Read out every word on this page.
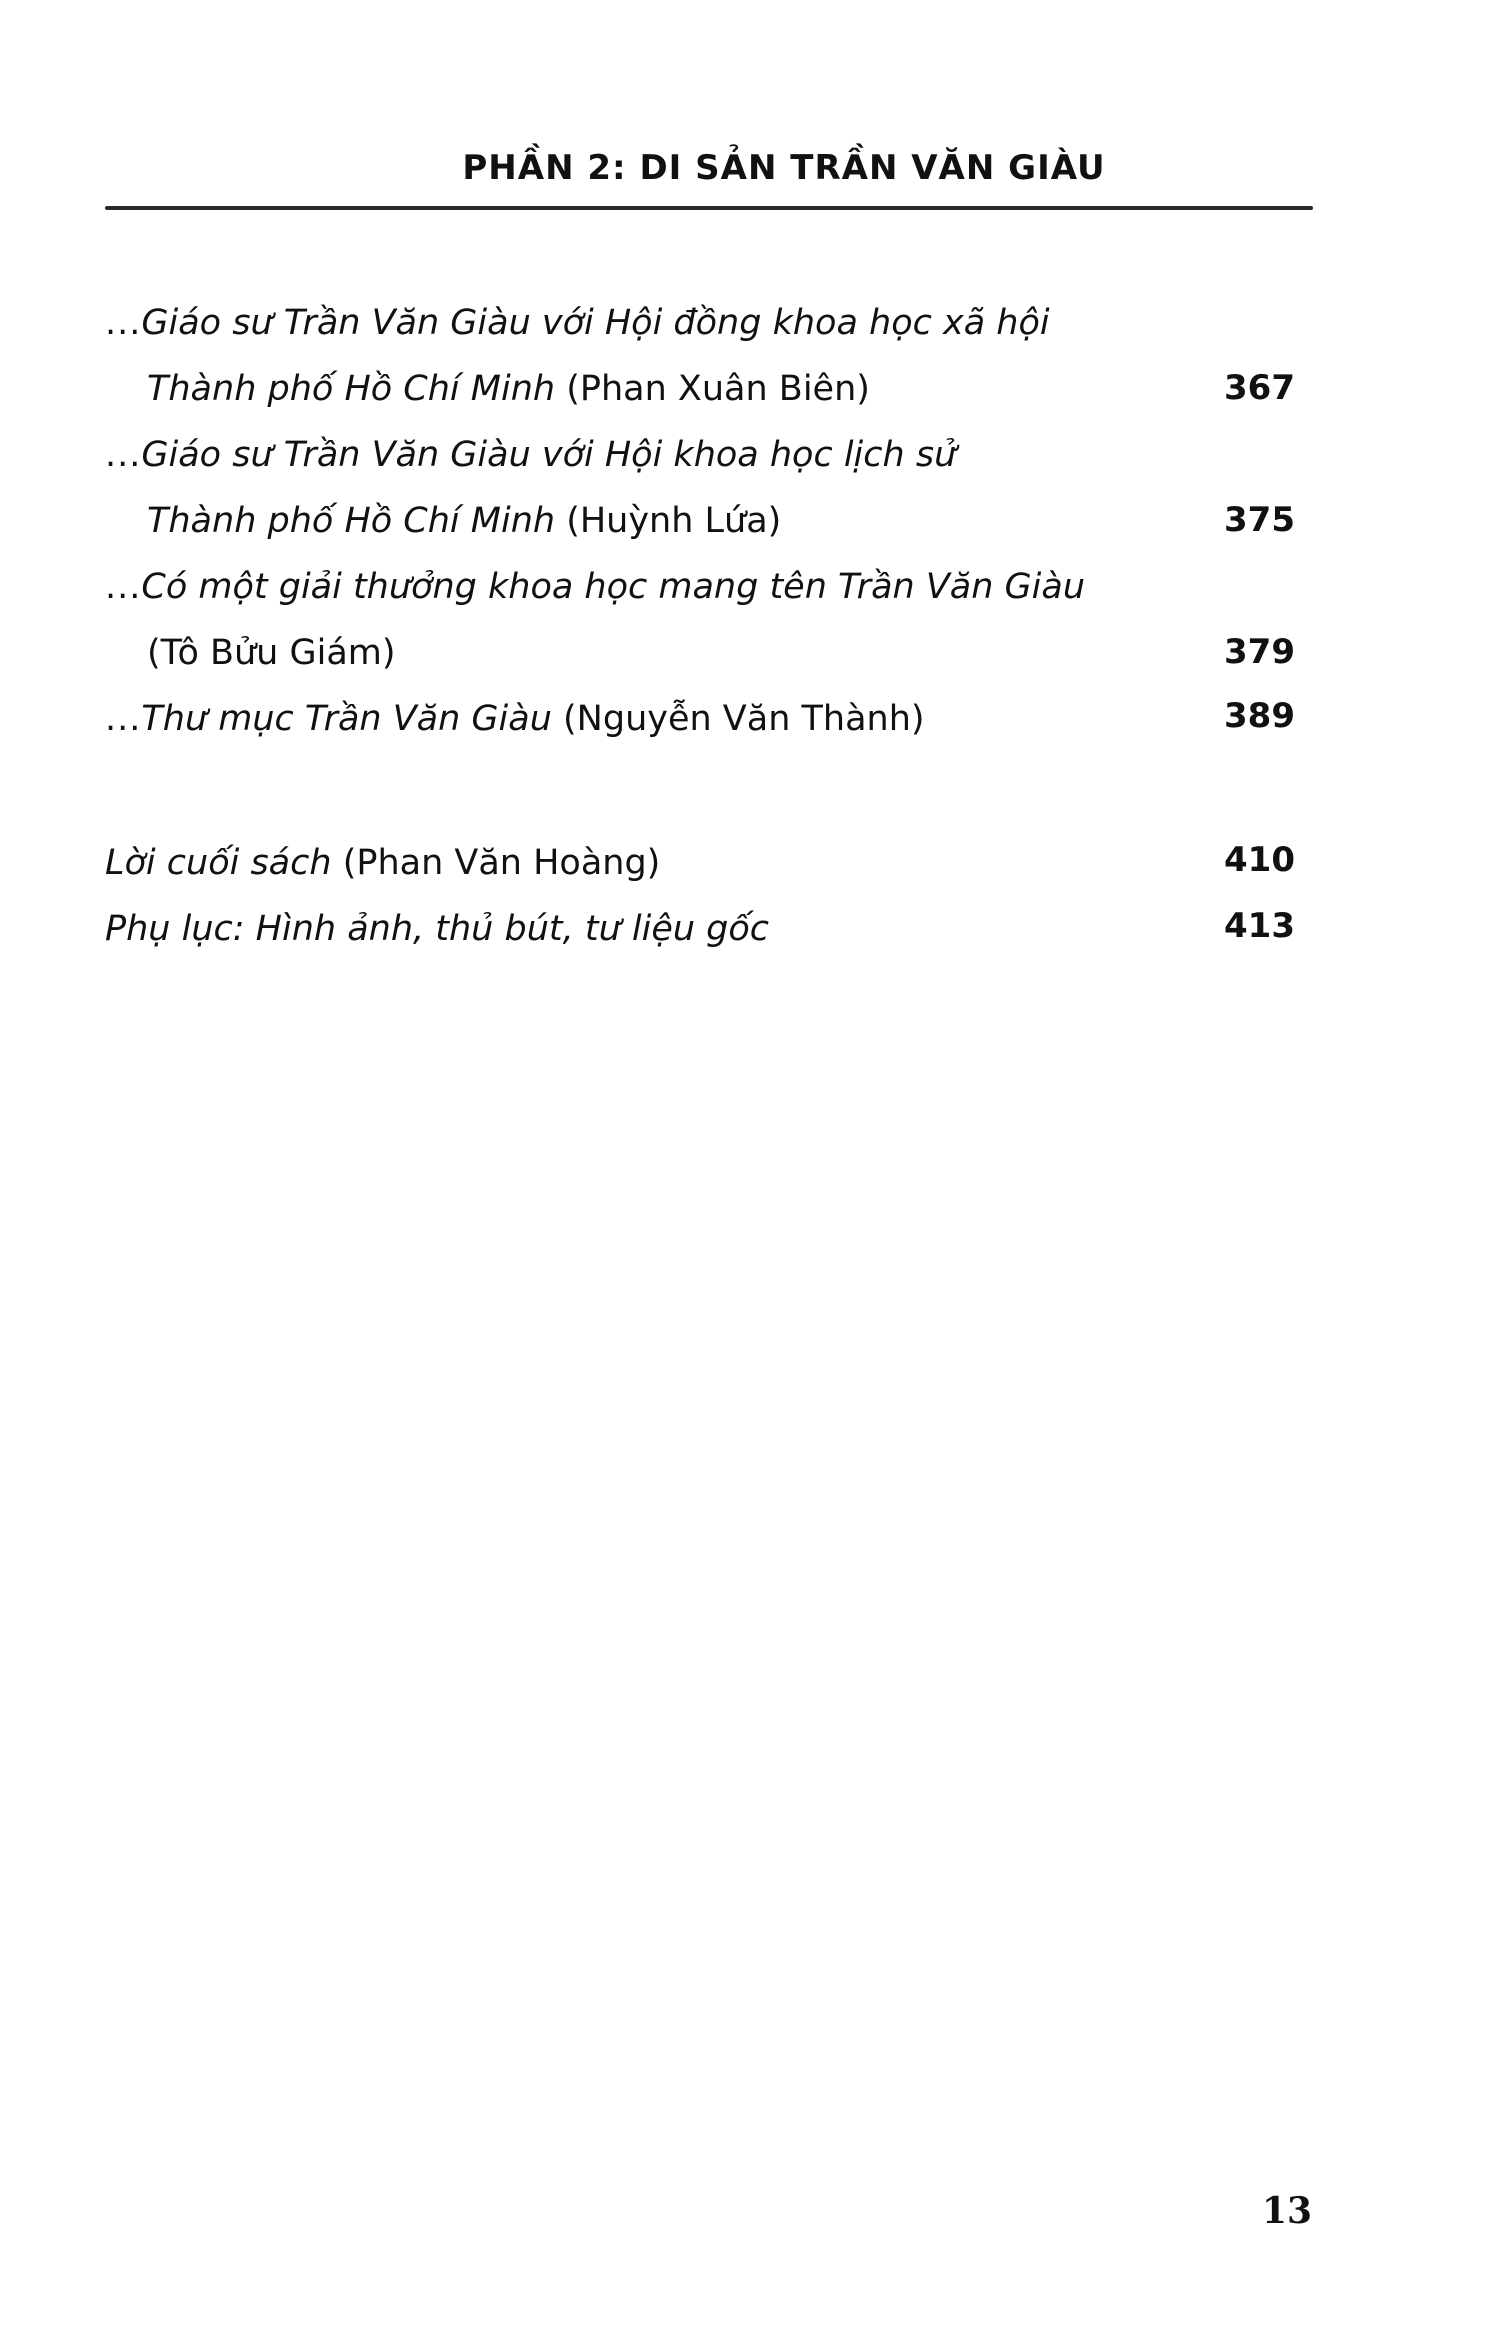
PHẦN 2: DI SẢN TRẦN VĂN GIÀU
...Giáo sư Trần Văn Giàu với Hội đồng khoa học xã hội
Thành phố Hồ Chí Minh (Phan Xuân Biên)	367
...Giáo sư Trần Văn Giàu với Hội khoa học lịch sử
Thành phố Hồ Chí Minh (Huỳnh Lứa)	375
...Có một giải thưởng khoa học mang tên Trần Văn Giàu
(Tô Bửu Giám)	379
...Thư mục Trần Văn Giàu (Nguyễn Văn Thành)	389
Lời cuối sách (Phan Văn Hoàng)	410
Phụ lục: Hình ảnh, thủ bút, tư liệu gốc	413
13
